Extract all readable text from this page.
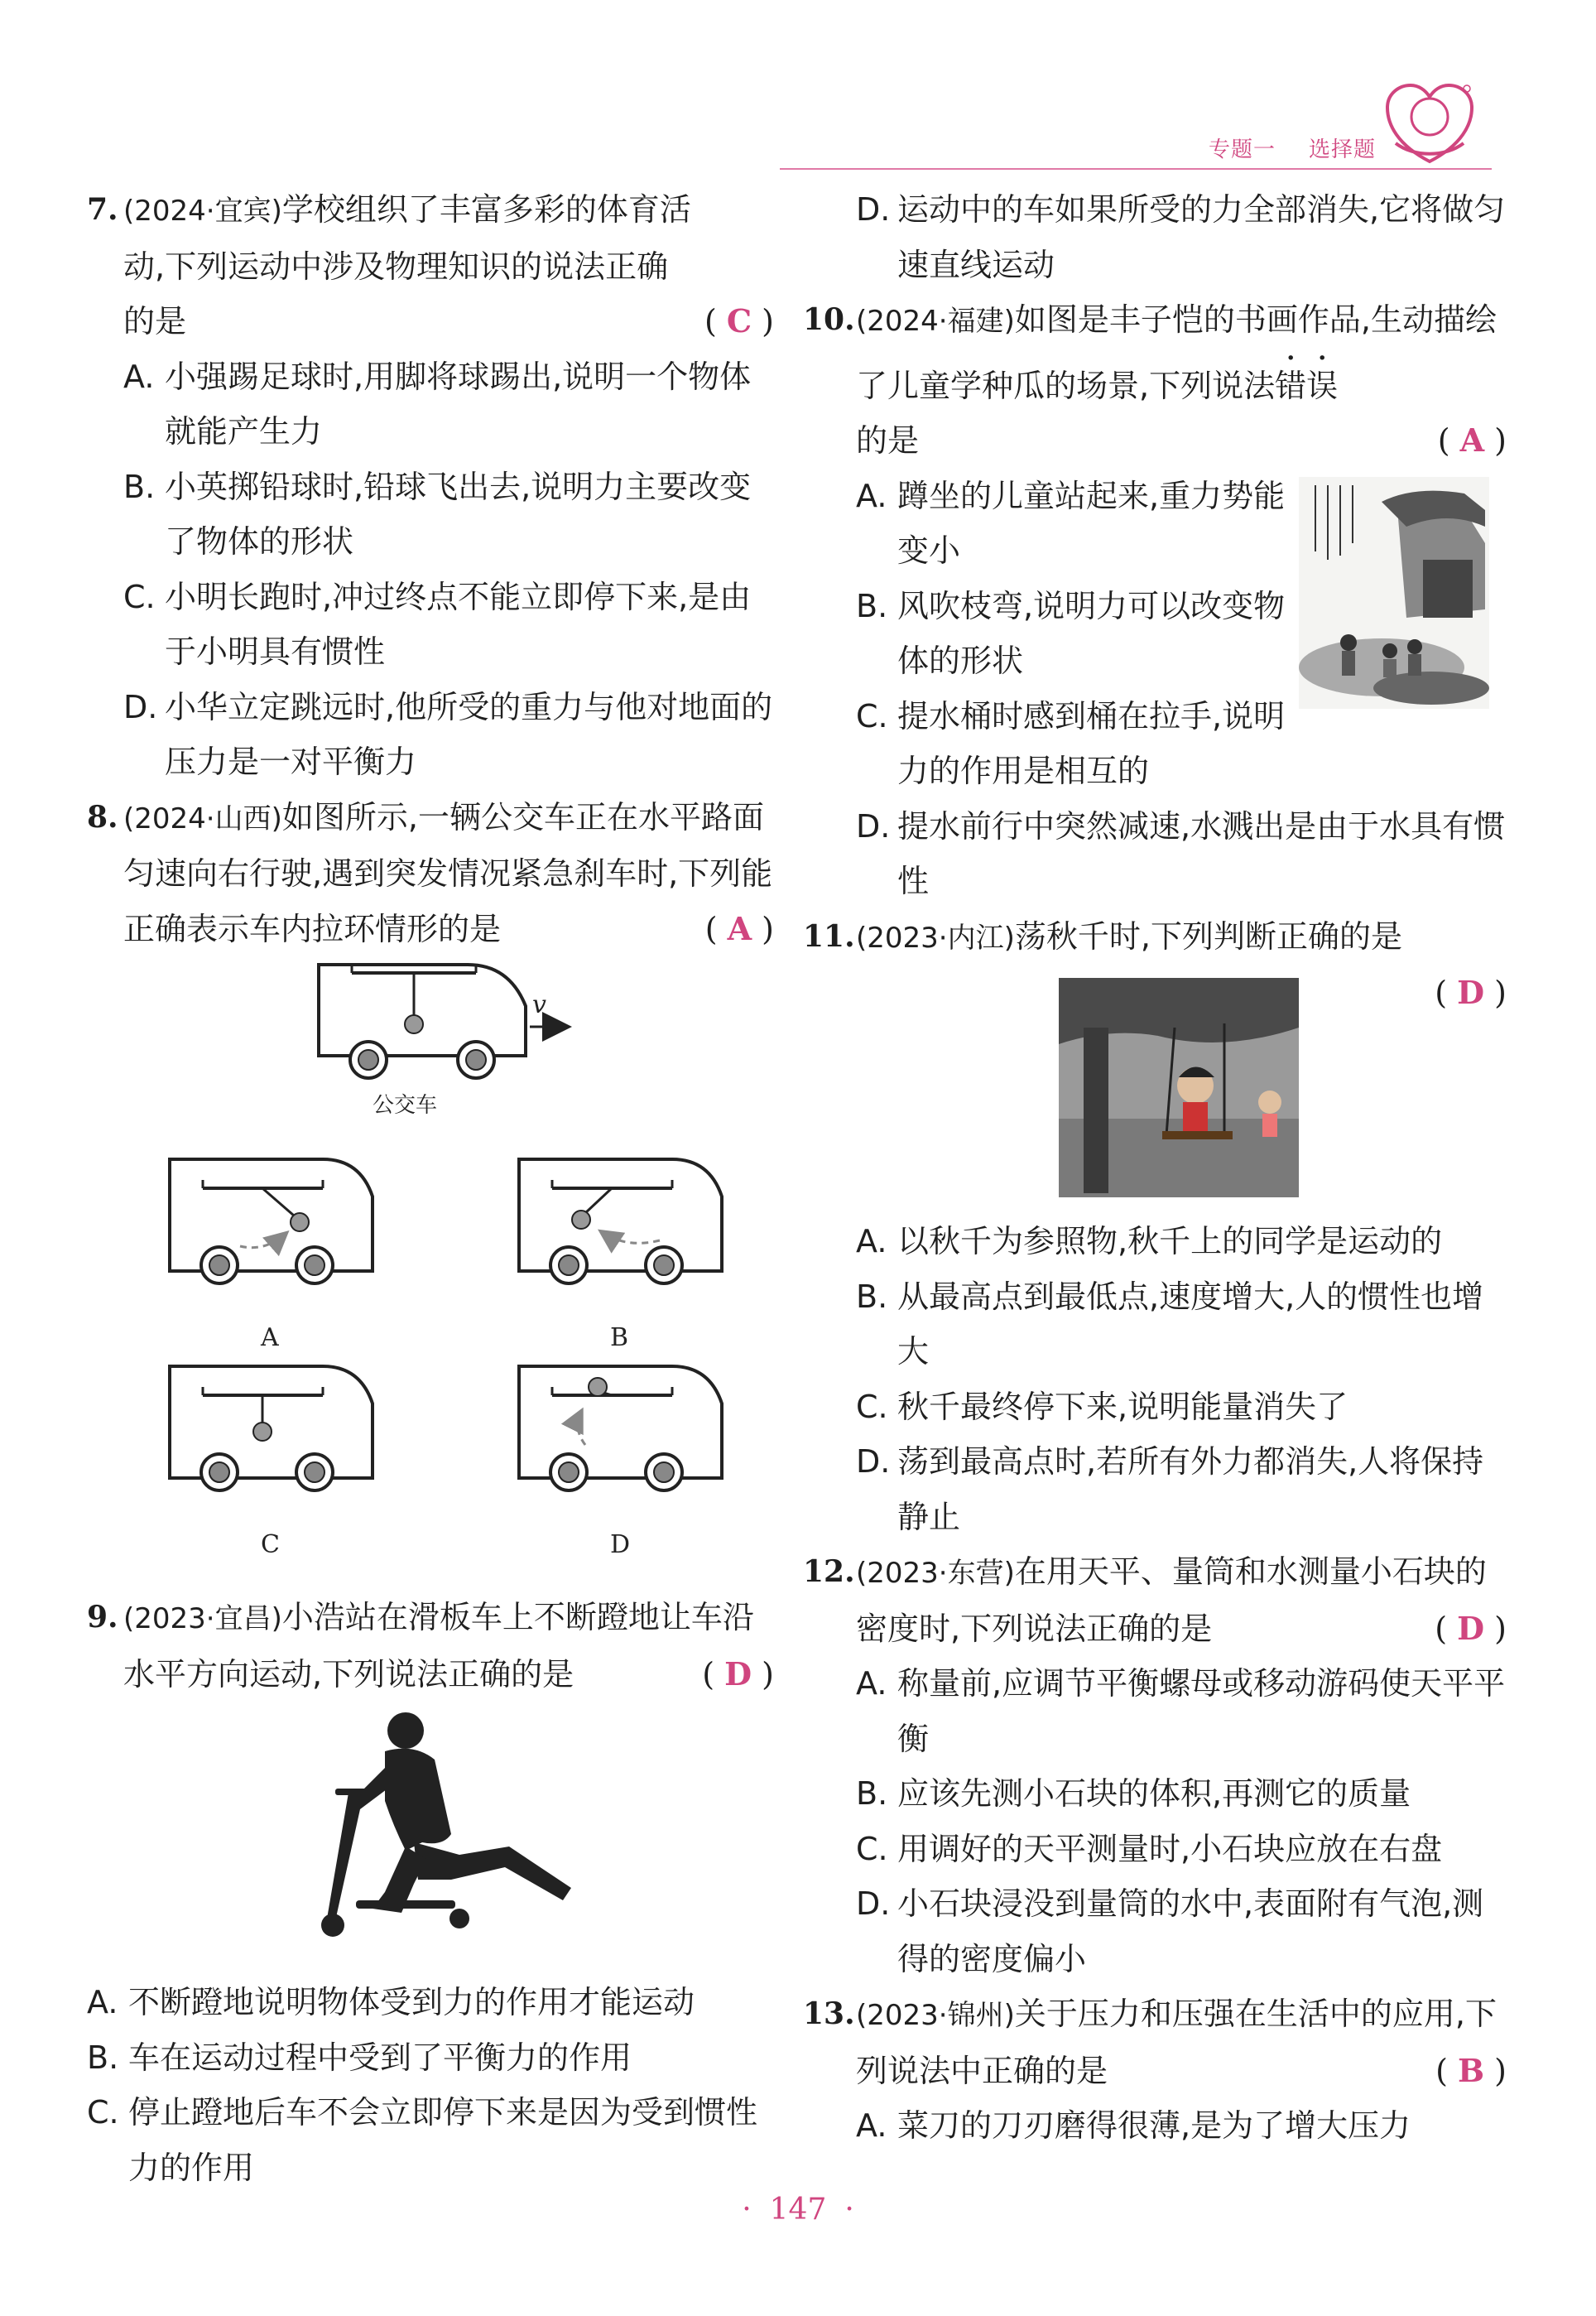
专题一 选择题
7. (2024·宜宾)学校组织了丰富多彩的体育活
动,下列运动中涉及物理知识的说法正确
的是	( C )
A. 小强踢足球时,用脚将球踢出,说明一个物体就能产生力
B. 小英掷铅球时,铅球飞出去,说明力主要改变了物体的形状
C. 小明长跑时,冲过终点不能立即停下来,是由于小明具有惯性
D. 小华立定跳远时,他所受的重力与他对地面的压力是一对平衡力
8. (2024·山西)如图所示,一辆公交车正在水平路面匀速向右行驶,遇到突发情况紧急刹车时,下列能正确表示车内拉环情形的是	( A )
v
公交车
A	B
C	D
9. (2023·宜昌)小浩站在滑板车上不断蹬地让车沿水平方向运动,下列说法正确的是	( D )
A. 不断蹬地说明物体受到力的作用才能运动
B. 车在运动过程中受到了平衡力的作用
C. 停止蹬地后车不会立即停下来是因为受到惯性力的作用
D. 运动中的车如果所受的力全部消失,它将做匀速直线运动
10. (2024·福建)如图是丰子恺的书画作品,生动描绘了儿童学种瓜的场景,下列说法错误
的是	( A )
A. 蹲坐的儿童站起来,重力势能变小
B. 风吹枝弯,说明力可以改变物体的形状
C. 提水桶时感到桶在拉手,说明力的作用是相互的
D. 提水前行中突然减速,水溅出是由于水具有惯性
11. (2023·内江)荡秋千时,下列判断正确的是

( D )
A. 以秋千为参照物,秋千上的同学是运动的
B. 从最高点到最低点,速度增大,人的惯性也增大
C. 秋千最终停下来,说明能量消失了
D. 荡到最高点时,若所有外力都消失,人将保持静止
12. (2023·东营)在用天平、量筒和水测量小石块的密度时,下列说法正确的是	( D )
A. 称量前,应调节平衡螺母或移动游码使天平平衡
B. 应该先测小石块的体积,再测它的质量
C. 用调好的天平测量时,小石块应放在右盘
D. 小石块浸没到量筒的水中,表面附有气泡,测得的密度偏小
13. (2023·锦州)关于压力和压强在生活中的应用,下列说法中正确的是	( B )
A. 菜刀的刀刃磨得很薄,是为了增大压力
· 147 ·
